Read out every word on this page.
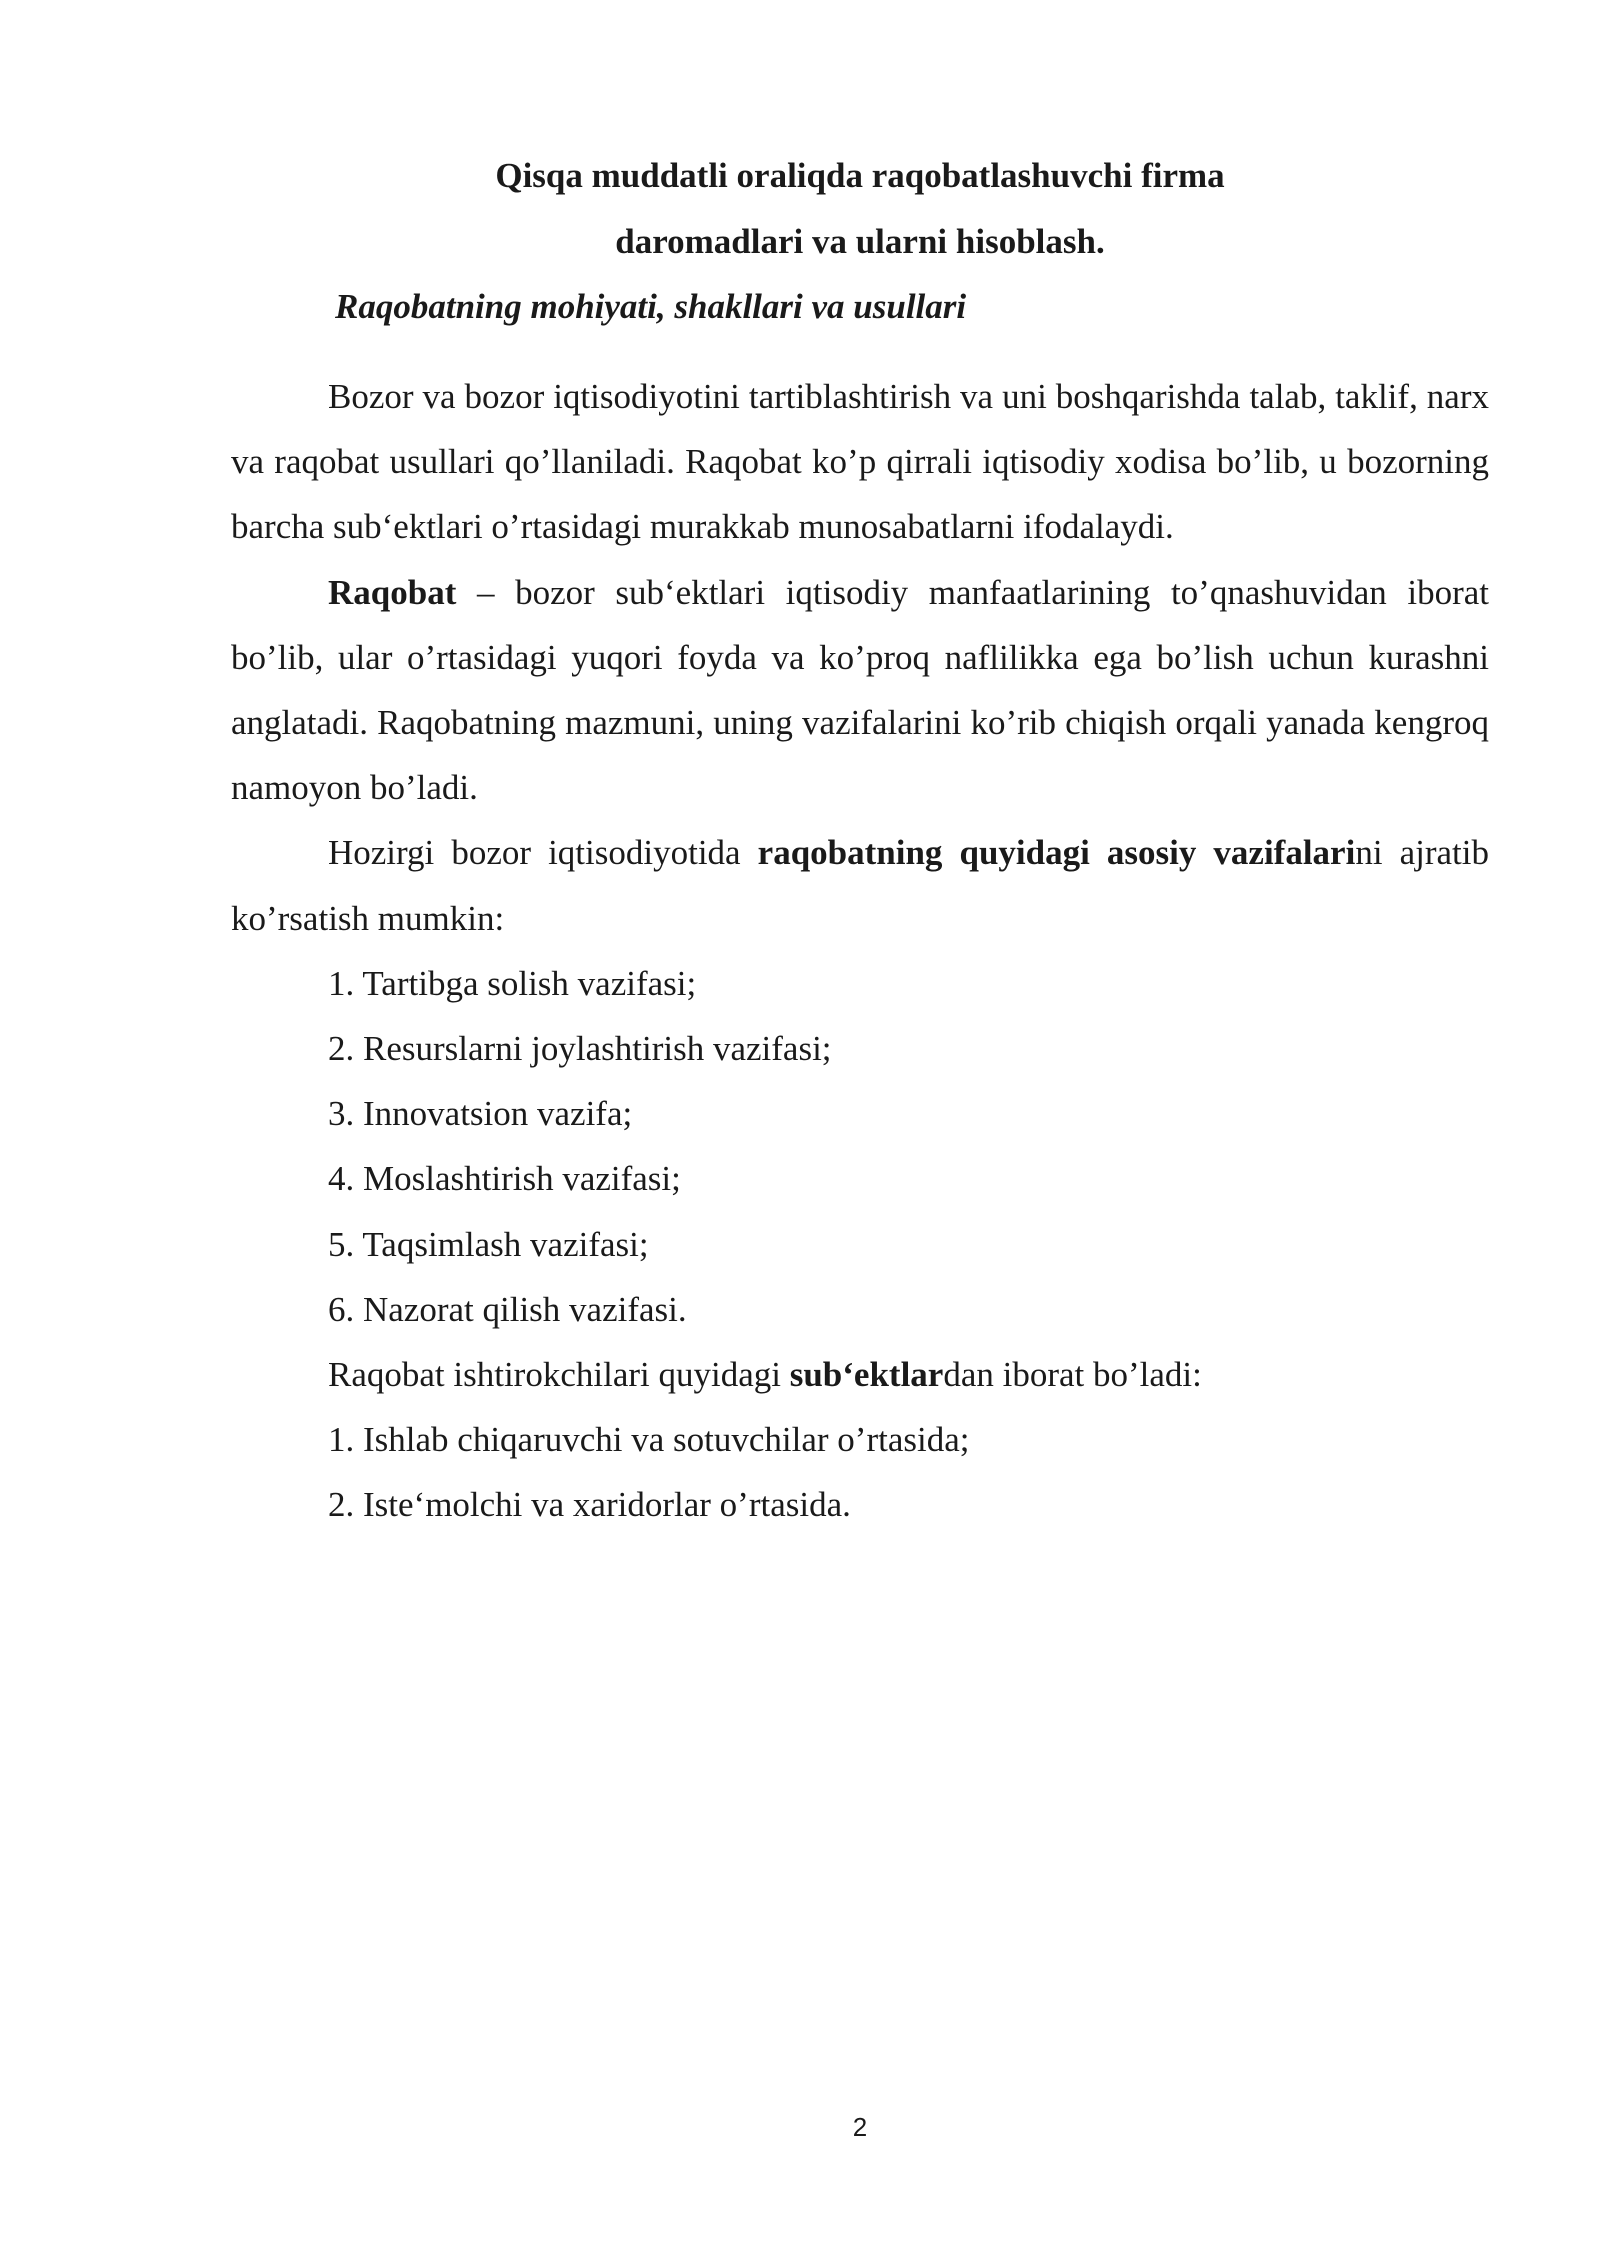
Qisqa muddatli oraliqda raqobatlashuvchi firma
daromadlari va ularni hisoblash.
Raqobatning mohiyati, shakllari va usullari

Bozor va bozor iqtisodiyotini tartiblashtirish va uni boshqarishda talab, taklif, narx va raqobat usullari qo’llaniladi. Raqobat ko’p qirrali iqtisodiy xodisa bo’lib, u bozorning barcha sub‘ektlari o’rtasidagi murakkab munosabatlarni ifodalaydi.

Raqobat – bozor sub‘ektlari iqtisodiy manfaatlarining to’qnashuvidan iborat bo’lib, ular o’rtasidagi yuqori foyda va ko’proq naflilikka ega bo’lish uchun kurashni anglatadi. Raqobatning mazmuni, uning vazifalarini ko’rib chiqish orqali yanada kengroq namoyon bo’ladi.

Hozirgi bozor iqtisodiyotida raqobatning quyidagi asosiy vazifalarini ajratib ko’rsatish mumkin:

1. Tartibga solish vazifasi;

2. Resurslarni joylashtirish vazifasi;

3. Innovatsion vazifa;

4. Moslashtirish vazifasi;

5. Taqsimlash vazifasi;

6. Nazorat qilish vazifasi.

Raqobat ishtirokchilari quyidagi sub‘ektlardan iborat bo’ladi:

1. Ishlab chiqaruvchi va sotuvchilar o’rtasida;

2. Iste‘molchi va xaridorlar o’rtasida.

2
